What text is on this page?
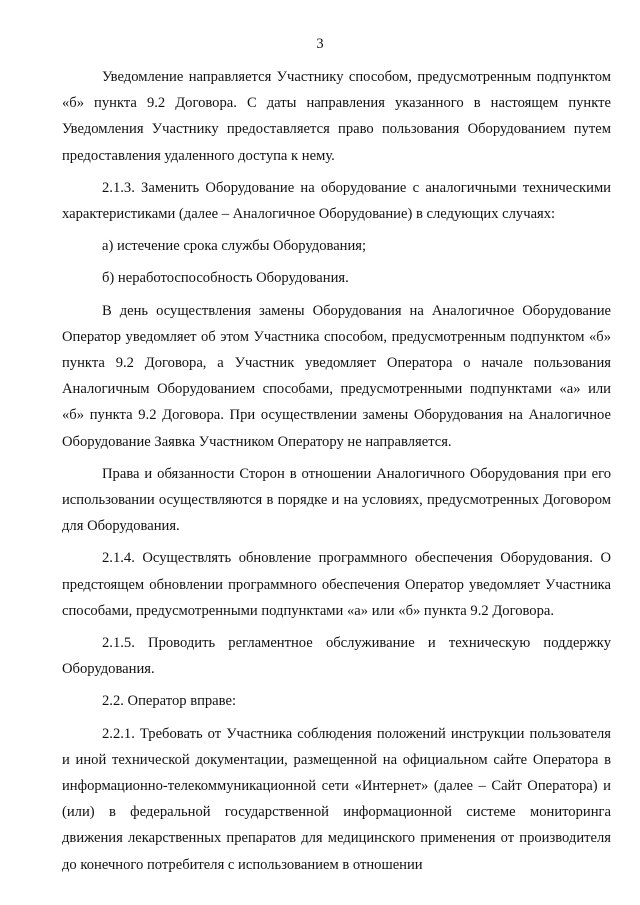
3

Уведомление направляется Участнику способом, предусмотренным подпунктом «б» пункта 9.2 Договора. С даты направления указанного в настоящем пункте Уведомления Участнику предоставляется право пользования Оборудованием путем предоставления удаленного доступа к нему.

2.1.3. Заменить Оборудование на оборудование с аналогичными техническими характеристиками (далее – Аналогичное Оборудование) в следующих случаях:

а) истечение срока службы Оборудования;

б) неработоспособность Оборудования.

В день осуществления замены Оборудования на Аналогичное Оборудование Оператор уведомляет об этом Участника способом, предусмотренным подпунктом «б» пункта 9.2 Договора, а Участник уведомляет Оператора о начале пользования Аналогичным Оборудованием способами, предусмотренными подпунктами «а» или «б» пункта 9.2 Договора. При осуществлении замены Оборудования на Аналогичное Оборудование Заявка Участником Оператору не направляется.

Права и обязанности Сторон в отношении Аналогичного Оборудования при его использовании осуществляются в порядке и на условиях, предусмотренных Договором для Оборудования.

2.1.4. Осуществлять обновление программного обеспечения Оборудования. О предстоящем обновлении программного обеспечения Оператор уведомляет Участника способами, предусмотренными подпунктами «а» или «б» пункта 9.2 Договора.

2.1.5. Проводить регламентное обслуживание и техническую поддержку Оборудования.

2.2. Оператор вправе:

2.2.1. Требовать от Участника соблюдения положений инструкции пользователя и иной технической документации, размещенной на официальном сайте Оператора в информационно-телекоммуникационной сети «Интернет» (далее – Сайт Оператора) и (или) в федеральной государственной информационной системе мониторинга движения лекарственных препаратов для медицинского применения от производителя до конечного потребителя с использованием в отношении
